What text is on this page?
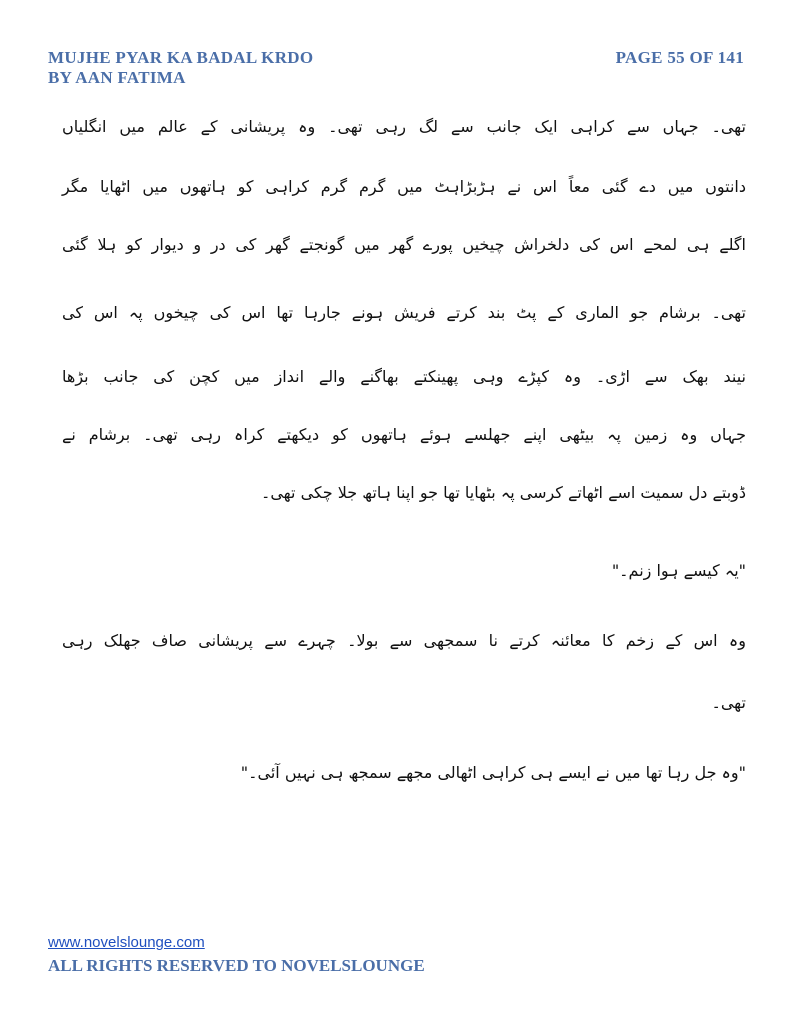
MUJHE PYAR KA BADAL KRDO
BY AAN FATIMA
PAGE 55 OF 141
تھی۔ جہاں سے کراہی ایک جانب سے لگ رہی تھی۔ وہ پریشانی کے عالم میں انگلیاں
دانتوں میں دے گئی معاً اس نے ہڑبڑاہٹ میں گرم گرم کراہی کو ہاتھوں میں اٹھایا مگر
اگلے ہی لمحے اس کی دلخراش چیخیں پورے گھر میں گونجتے گھر کی در و دیوار کو ہلا گئی
تھی۔ برشام جو الماری کے پٹ بند کرتے فریش ہونے جارہا تھا اس کی چیخوں پہ اس کی
نیند بھک سے اڑی۔ وہ کپڑے وہی پھینکتے بھاگنے والے انداز میں کچن کی جانب بڑھا
جہاں وہ زمین پہ بیٹھی اپنے جھلسے ہوئے ہاتھوں کو دیکھتے کراہ رہی تھی۔ برشام نے
ڈوبتے دل سمیت اسے اٹھاتے کرسی پہ بٹھایا تھا جو اپنا ہاتھ جلا چکی تھی۔
"یہ کیسے ہوا زنم۔"
وہ اس کے زخم کا معائنہ کرتے نا سمجھی سے بولا۔ چہرے سے پریشانی صاف جھلک رہی
تھی۔
"وہ جل رہا تھا میں نے ایسے ہی کراہی اٹھالی مجھے سمجھ ہی نہیں آئی۔"
www.novelslounge.com
ALL RIGHTS RESERVED TO NOVELSLOUNGE
